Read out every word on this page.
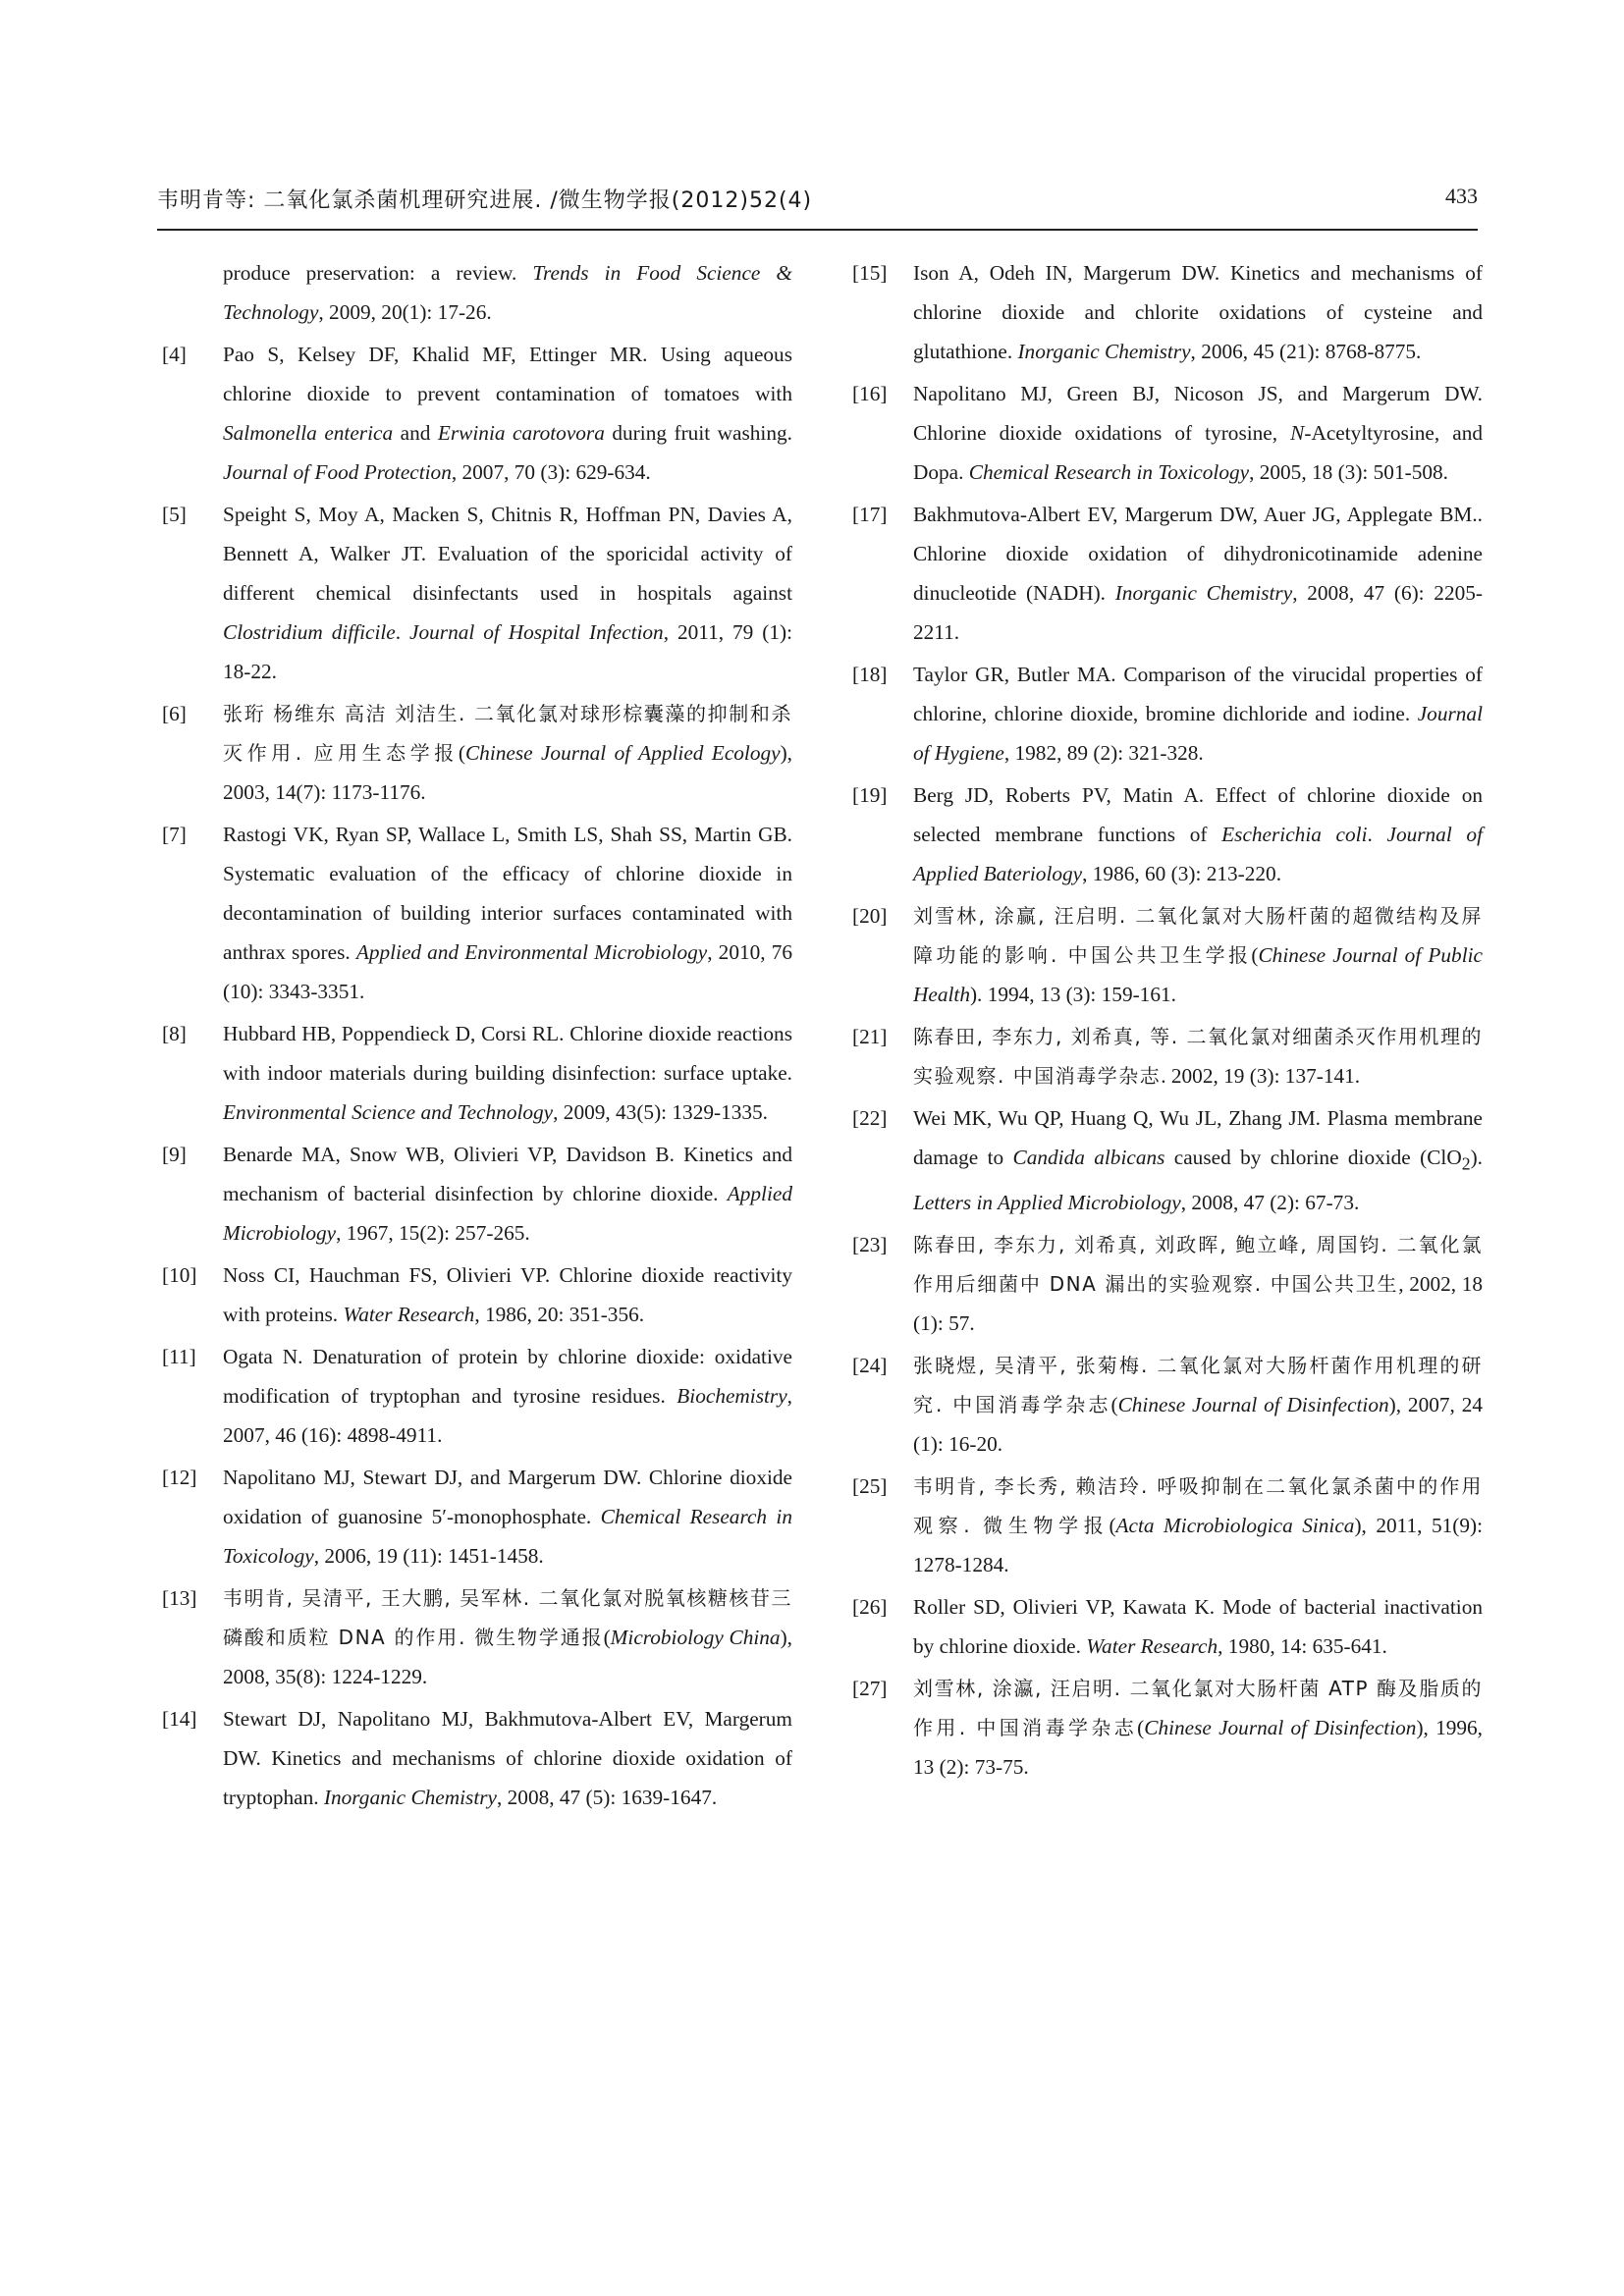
韦明肯等: 二氧化氯杀菌机理研究进展. /微生物学报(2012)52(4)	433
produce preservation: a review. Trends in Food Science & Technology, 2009, 20(1): 17-26.
[4] Pao S, Kelsey DF, Khalid MF, Ettinger MR. Using aqueous chlorine dioxide to prevent contamination of tomatoes with Salmonella enterica and Erwinia carotovora during fruit washing. Journal of Food Protection, 2007, 70 (3): 629-634.
[5] Speight S, Moy A, Macken S, Chitnis R, Hoffman PN, Davies A, Bennett A, Walker JT. Evaluation of the sporicidal activity of different chemical disinfectants used in hospitals against Clostridium difficile. Journal of Hospital Infection, 2011, 79 (1): 18-22.
[6] 张珩 杨维东 高洁 刘洁生. 二氧化氯对球形棕囊藻的抑制和杀灭作用. 应用生态学报(Chinese Journal of Applied Ecology), 2003, 14(7): 1173-1176.
[7] Rastogi VK, Ryan SP, Wallace L, Smith LS, Shah SS, Martin GB. Systematic evaluation of the efficacy of chlorine dioxide in decontamination of building interior surfaces contaminated with anthrax spores. Applied and Environmental Microbiology, 2010, 76 (10): 3343-3351.
[8] Hubbard HB, Poppendieck D, Corsi RL. Chlorine dioxide reactions with indoor materials during building disinfection: surface uptake. Environmental Science and Technology, 2009, 43(5): 1329-1335.
[9] Benarde MA, Snow WB, Olivieri VP, Davidson B. Kinetics and mechanism of bacterial disinfection by chlorine dioxide. Applied Microbiology, 1967, 15(2): 257-265.
[10] Noss CI, Hauchman FS, Olivieri VP. Chlorine dioxide reactivity with proteins. Water Research, 1986, 20: 351-356.
[11] Ogata N. Denaturation of protein by chlorine dioxide: oxidative modification of tryptophan and tyrosine residues. Biochemistry, 2007, 46 (16): 4898-4911.
[12] Napolitano MJ, Stewart DJ, and Margerum DW. Chlorine dioxide oxidation of guanosine 5′-monophosphate. Chemical Research in Toxicology, 2006, 19 (11): 1451-1458.
[13] 韦明肯, 吴清平, 王大鹏, 吴军林. 二氧化氯对脱氧核糖核苷三磷酸和质粒 DNA 的作用. 微生物学通报(Microbiology China), 2008, 35(8): 1224-1229.
[14] Stewart DJ, Napolitano MJ, Bakhmutova-Albert EV, Margerum DW. Kinetics and mechanisms of chlorine dioxide oxidation of tryptophan. Inorganic Chemistry, 2008, 47 (5): 1639-1647.
[15] Ison A, Odeh IN, Margerum DW. Kinetics and mechanisms of chlorine dioxide and chlorite oxidations of cysteine and glutathione. Inorganic Chemistry, 2006, 45 (21): 8768-8775.
[16] Napolitano MJ, Green BJ, Nicoson JS, and Margerum DW. Chlorine dioxide oxidations of tyrosine, N-Acetyltyrosine, and Dopa. Chemical Research in Toxicology, 2005, 18 (3): 501-508.
[17] Bakhmutova-Albert EV, Margerum DW, Auer JG, Applegate BM.. Chlorine dioxide oxidation of dihydronicotinamide adenine dinucleotide (NADH). Inorganic Chemistry, 2008, 47 (6): 2205-2211.
[18] Taylor GR, Butler MA. Comparison of the virucidal properties of chlorine, chlorine dioxide, bromine dichloride and iodine. Journal of Hygiene, 1982, 89 (2): 321-328.
[19] Berg JD, Roberts PV, Matin A. Effect of chlorine dioxide on selected membrane functions of Escherichia coli. Journal of Applied Bateriology, 1986, 60 (3): 213-220.
[20] 刘雪林, 涂赢, 汪启明. 二氧化氯对大肠杆菌的超微结构及屏障功能的影响. 中国公共卫生学报(Chinese Journal of Public Health). 1994, 13 (3): 159-161.
[21] 陈春田, 李东力, 刘希真, 等. 二氧化氯对细菌杀灭作用机理的实验观察. 中国消毒学杂志. 2002, 19 (3): 137-141.
[22] Wei MK, Wu QP, Huang Q, Wu JL, Zhang JM. Plasma membrane damage to Candida albicans caused by chlorine dioxide (ClO$_2$). Letters in Applied Microbiology, 2008, 47 (2): 67-73.
[23] 陈春田, 李东力, 刘希真, 刘政晖, 鲍立峰, 周国钧. 二氧化氯作用后细菌中 DNA 漏出的实验观察. 中国公共卫生, 2002, 18 (1): 57.
[24] 张晓煜, 吴清平, 张菊梅. 二氧化氯对大肠杆菌作用机理的研究. 中国消毒学杂志(Chinese Journal of Disinfection), 2007, 24 (1): 16-20.
[25] 韦明肯, 李长秀, 赖洁玲. 呼吸抑制在二氧化氯杀菌中的作用观察. 微生物学报(Acta Microbiologica Sinica), 2011, 51(9): 1278-1284.
[26] Roller SD, Olivieri VP, Kawata K. Mode of bacterial inactivation by chlorine dioxide. Water Research, 1980, 14: 635-641.
[27] 刘雪林, 涂瀛, 汪启明. 二氧化氯对大肠杆菌 ATP 酶及脂质的作用. 中国消毒学杂志(Chinese Journal of Disinfection), 1996, 13 (2): 73-75.
